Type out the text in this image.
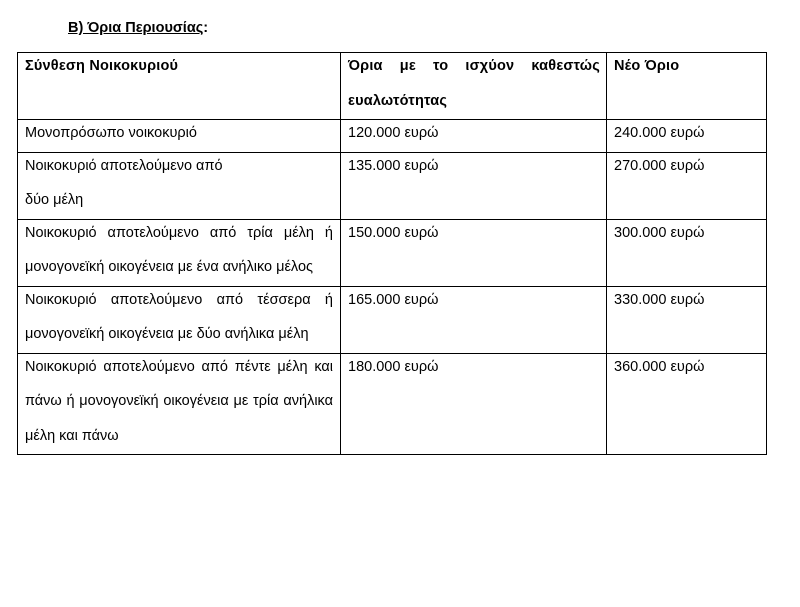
Β) Όρια Περιουσίας:
Σύνθεση Νοικοκυριού	Όρια με το ισχύον καθεστώς ευαλωτότητας	Νέο Όριο

Μονοπρόσωπο νοικοκυριό	120.000 ευρώ	240.000 ευρώ

Νοικοκυριό αποτελούμενο από δύο μέλη	135.000 ευρώ	270.000 ευρώ

Νοικοκυριό αποτελούμενο από τρία μέλη ή μονογονεϊκή οικογένεια με ένα ανήλικο μέλος	150.000 ευρώ	300.000 ευρώ

Νοικοκυριό αποτελούμενο από τέσσερα ή μονογονεϊκή οικογένεια με δύο ανήλικα μέλη	165.000 ευρώ	330.000 ευρώ

Νοικοκυριό αποτελούμενο από πέντε μέλη και πάνω ή μονογονεϊκή οικογένεια με τρία ανήλικα μέλη και πάνω	180.000 ευρώ	360.000 ευρώ
